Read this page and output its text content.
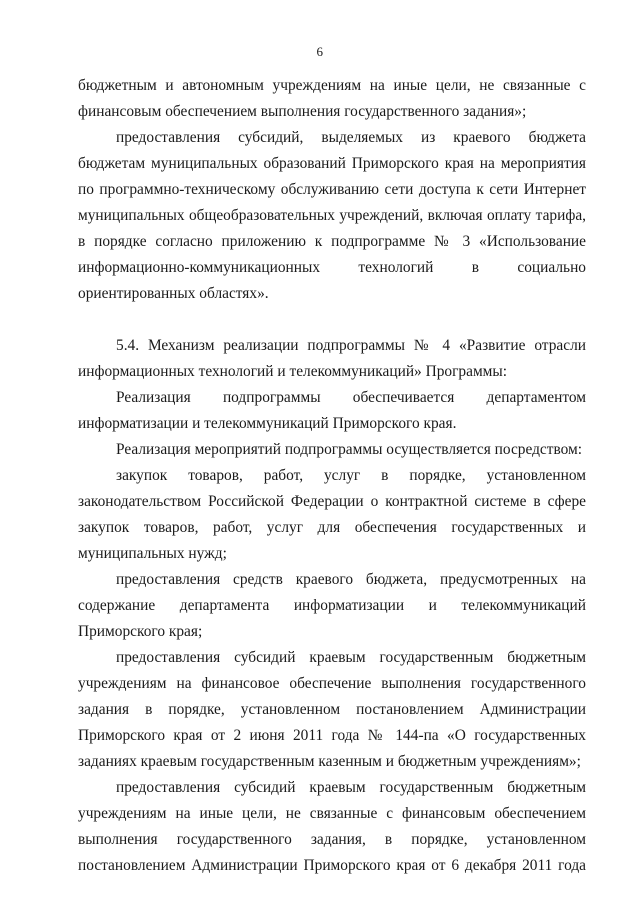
6

бюджетным и автономным учреждениям на иные цели, не связанные с финансовым обеспечением выполнения государственного задания»;

предоставления субсидий, выделяемых из краевого бюджета бюджетам муниципальных образований Приморского края на мероприятия по программно-техническому обслуживанию сети доступа к сети Интернет муниципальных общеобразовательных учреждений, включая оплату тарифа, в порядке согласно приложению к подпрограмме № 3 «Использование информационно-коммуникационных технологий в социально ориентированных областях».

5.4. Механизм реализации подпрограммы № 4 «Развитие отрасли информационных технологий и телекоммуникаций» Программы:

Реализация подпрограммы обеспечивается департаментом информатизации и телекоммуникаций Приморского края.

Реализация мероприятий подпрограммы осуществляется посредством:

закупок товаров, работ, услуг в порядке, установленном законодательством Российской Федерации о контрактной системе в сфере закупок товаров, работ, услуг для обеспечения государственных и муниципальных нужд;

предоставления средств краевого бюджета, предусмотренных на содержание департамента информатизации и телекоммуникаций Приморского края;

предоставления субсидий краевым государственным бюджетным учреждениям на финансовое обеспечение выполнения государственного задания в порядке, установленном постановлением Администрации Приморского края от 2 июня 2011 года № 144-па «О государственных заданиях краевым государственным казенным и бюджетным учреждениям»;

предоставления субсидий краевым государственным бюджетным учреждениям на иные цели, не связанные с финансовым обеспечением выполнения государственного задания, в порядке, установленном постановлением Администрации Приморского края от 6 декабря 2011 года
